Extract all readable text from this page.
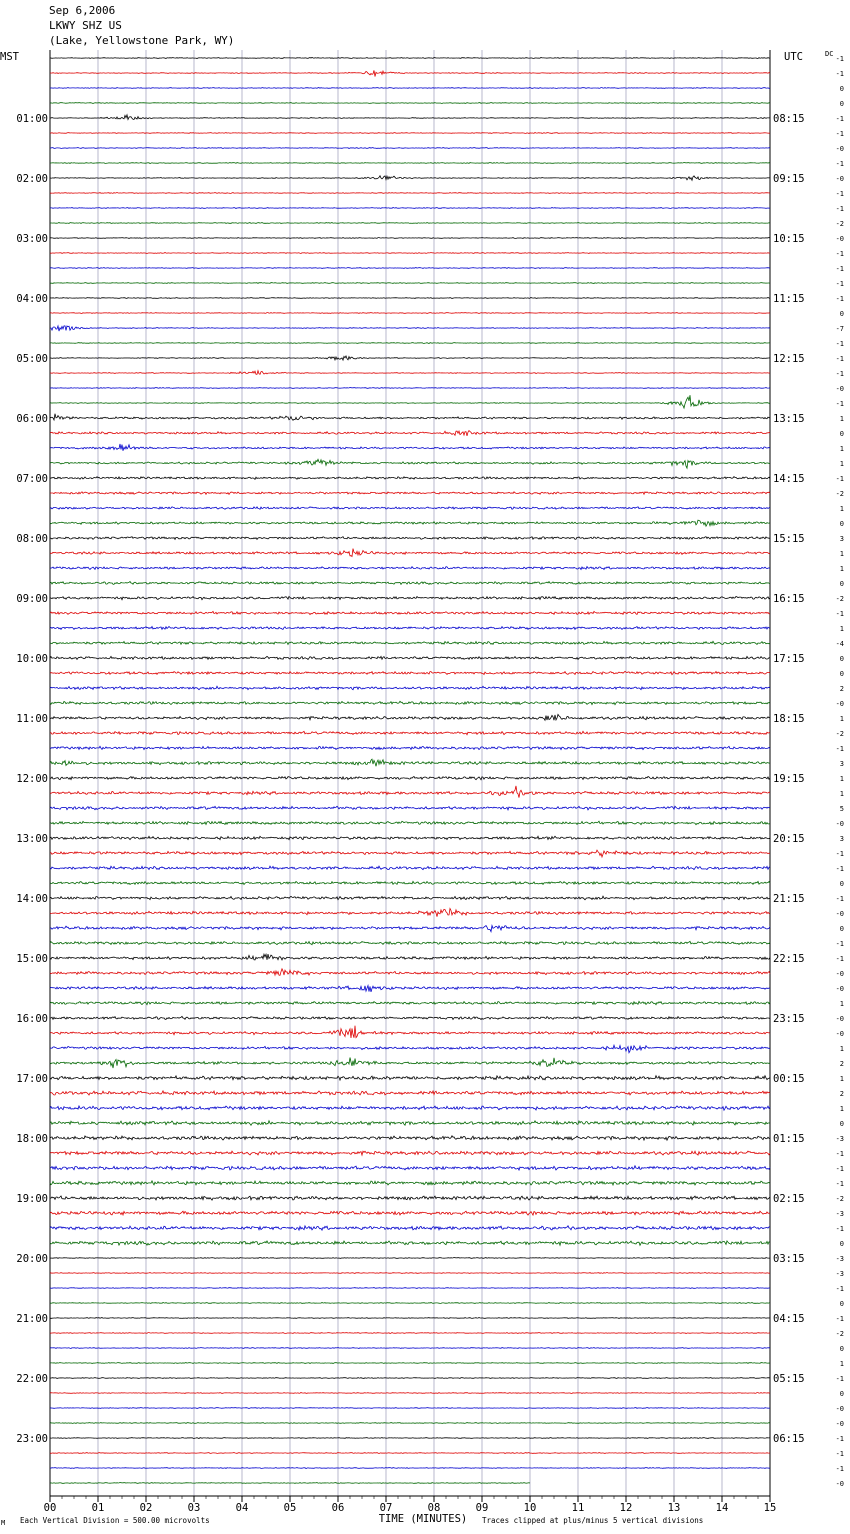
Sep 6,2006
LKWY SHZ US
(Lake, Yellowstone Park, WY)
00	01	02	03	04	05	06	07	08	09	10	11	12	13	14	15
01:00
02:00
03:00
04:00
05:00
06:00
07:00
08:00
09:00
10:00
11:00
12:00
13:00
14:00
15:00
16:00
17:00
18:00
19:00
20:00
21:00
22:00
23:00
08:15
09:15
10:15
11:15
12:15
13:15
14:15
15:15
16:15
17:15
18:15
19:15
20:15
21:15
22:15
23:15
00:15
01:15
02:15
03:15
04:15
05:15
06:15
-1
-1
0
0
-1
-1
-0
-1
-0
-1
-1
-2
-0
-1
-1
-1
-1
0
-7
-1
-1
-1
-0
-1
1
0
1
1
-1
-2
1
0
3
1
1
0
-2
-1
1
-4
0
0
2
-0
1
-2
-1
3
1
1
5
-0
3
-1
-1
0
-1
-0
0
-1
-1
-0
-0
1
-0
-0
1
2
1
2
1
0
-3
-1
-1
-1
-2
-3
-1
0
-3
-3
-1
0
-1
-2
0
1
-1
0
-0
-0
-1
-1
-1
-0
MST	UTC	DC
TIME (MINUTES)
Each Vertical Division = 500.00 microvolts	Traces clipped at plus/minus 5 vertical divisions
M
